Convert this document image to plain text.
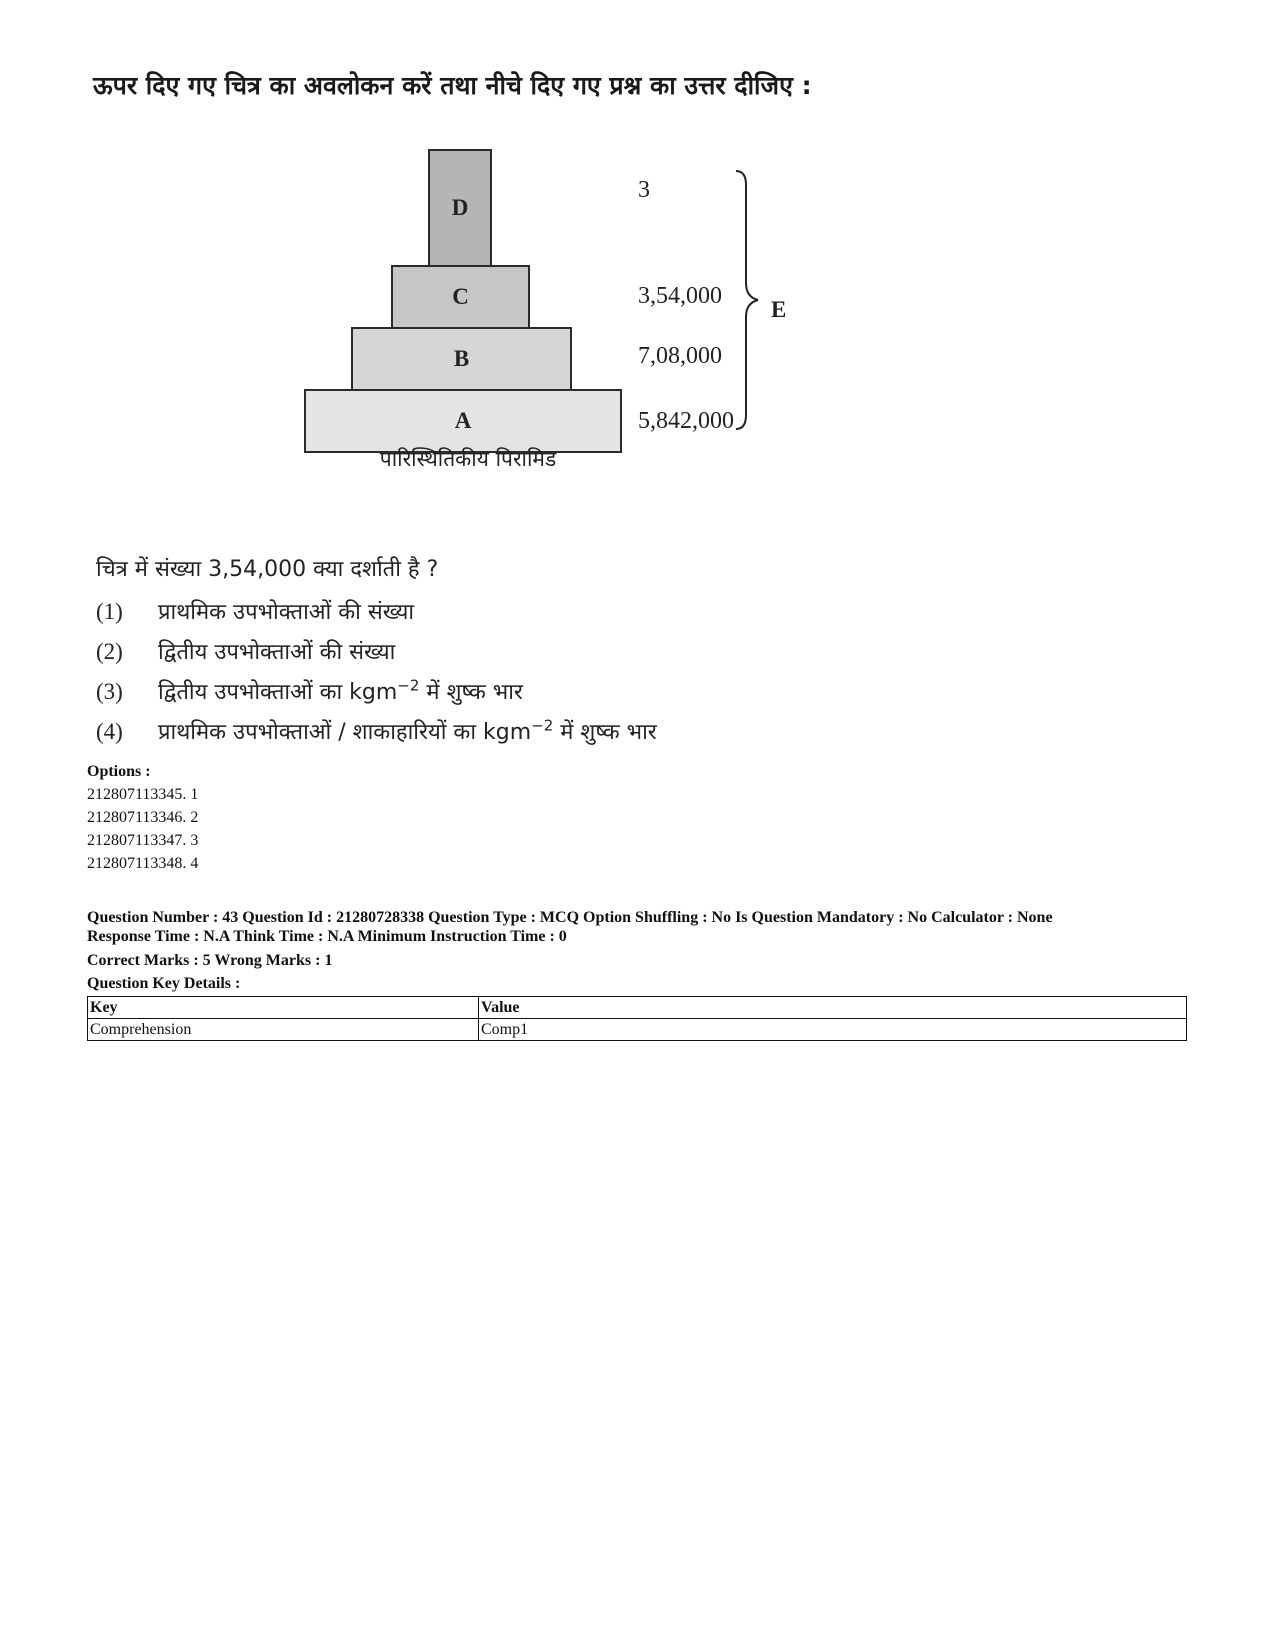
ऊपर दिए गए चित्र का अवलोकन करें तथा नीचे दिए गए प्रश्न का उत्तर दीजिए :
D
C
B
A
3
3,54,000
7,08,000
5,842,000
E
पारिस्थितिकीय पिरामिड
चित्र में संख्या 3,54,000 क्या दर्शाती है ?
(1) प्राथमिक उपभोक्ताओं की संख्या
(2) द्वितीय उपभोक्ताओं की संख्या
(3) द्वितीय उपभोक्ताओं का kgm$^{-2}$ में शुष्क भार
(4) प्राथमिक उपभोक्ताओं / शाकाहारियों का kgm$^{-2}$ में शुष्क भार
Options :
212807113345. 1
212807113346. 2
212807113347. 3
212807113348. 4
Question Number : 43 Question Id : 21280728338 Question Type : MCQ Option Shuffling : No Is Question Mandatory : No Calculator : None
Response Time : N.A Think Time : N.A Minimum Instruction Time : 0
Correct Marks : 5 Wrong Marks : 1
Question Key Details :
Key	Value
Comprehension	Comp1
